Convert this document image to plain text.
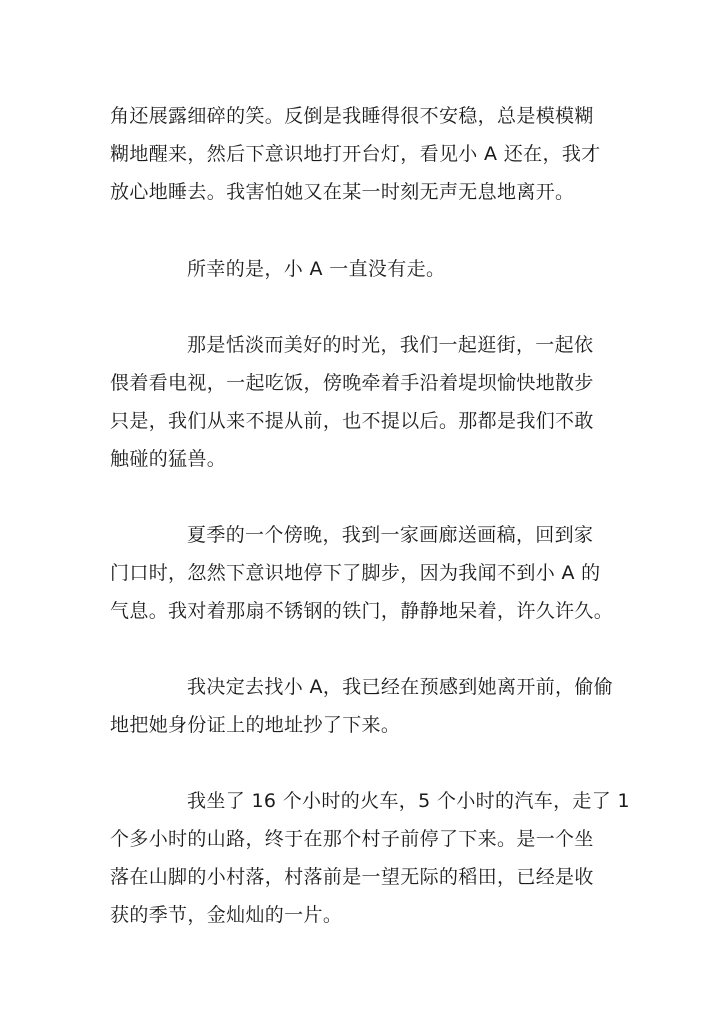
角还展露细碎的笑。反倒是我睡得很不安稳，总是模模糊
糊地醒来，然后下意识地打开台灯，看见小 A 还在，我才
放心地睡去。我害怕她又在某一时刻无声无息地离开。
所幸的是，小 A 一直没有走。
那是恬淡而美好的时光，我们一起逛街，一起依
偎着看电视，一起吃饭，傍晚牵着手沿着堤坝愉快地散步
只是，我们从来不提从前，也不提以后。那都是我们不敢
触碰的猛兽。
夏季的一个傍晚，我到一家画廊送画稿，回到家
门口时，忽然下意识地停下了脚步，因为我闻不到小 A 的
气息。我对着那扇不锈钢的铁门，静静地呆着，许久许久。
我决定去找小 A，我已经在预感到她离开前，偷偷
地把她身份证上的地址抄了下来。
我坐了 16 个小时的火车，5 个小时的汽车，走了 1
个多小时的山路，终于在那个村子前停了下来。是一个坐
落在山脚的小村落，村落前是一望无际的稻田，已经是收
获的季节，金灿灿的一片。
